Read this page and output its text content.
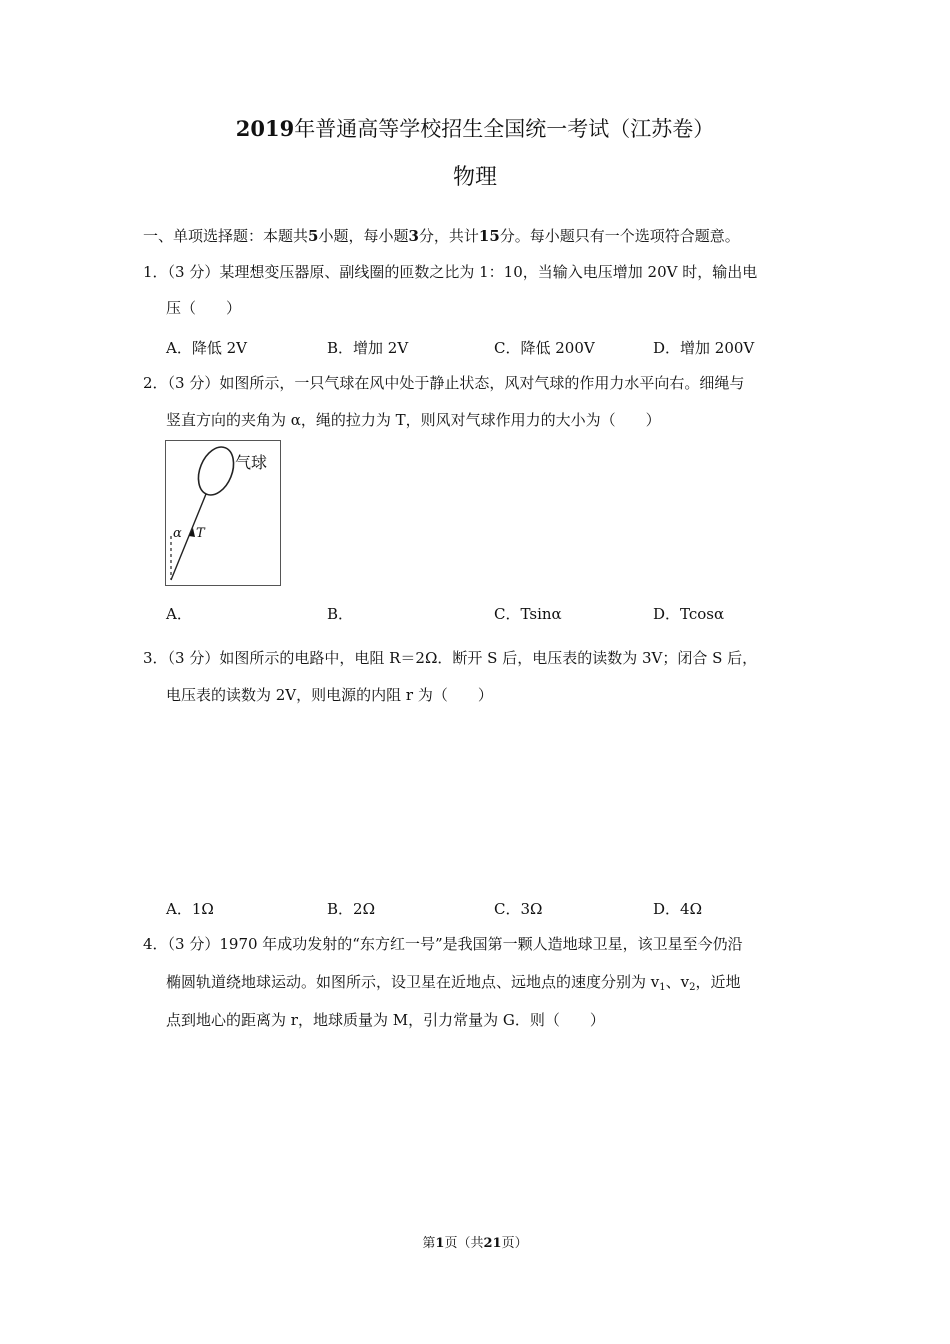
2019年普通高等学校招生全国统一考试（江苏卷）
物理
一、单项选择题：本题共5小题，每小题3分，共计15分。每小题只有一个选项符合题意。
1．（3 分）某理想变压器原、副线圈的匝数之比为 1：10，当输入电压增加 20V 时，输出电
压（　　）
A．降低 2V	B．增加 2V	C．降低 200V	D．增加 200V
2．（3 分）如图所示，一只气球在风中处于静止状态，风对气球的作用力水平向右。细绳与
竖直方向的夹角为 α，绳的拉力为 T，则风对气球作用力的大小为（　　）
气球
α T
A．	B．	C．Tsinα	D．Tcosα
3．（3 分）如图所示的电路中，电阻 R＝2Ω．断开 S 后，电压表的读数为 3V；闭合 S 后，
电压表的读数为 2V，则电源的内阻 r 为（　　）
A．1Ω	B．2Ω	C．3Ω	D．4Ω
4．（3 分）1970 年成功发射的“东方红一号”是我国第一颗人造地球卫星，该卫星至今仍沿
椭圆轨道绕地球运动。如图所示，设卫星在近地点、远地点的速度分别为 $v_1$、$v_2$，近地
点到地心的距离为 r，地球质量为 M，引力常量为 G．则（　　）
第1页（共21页）
